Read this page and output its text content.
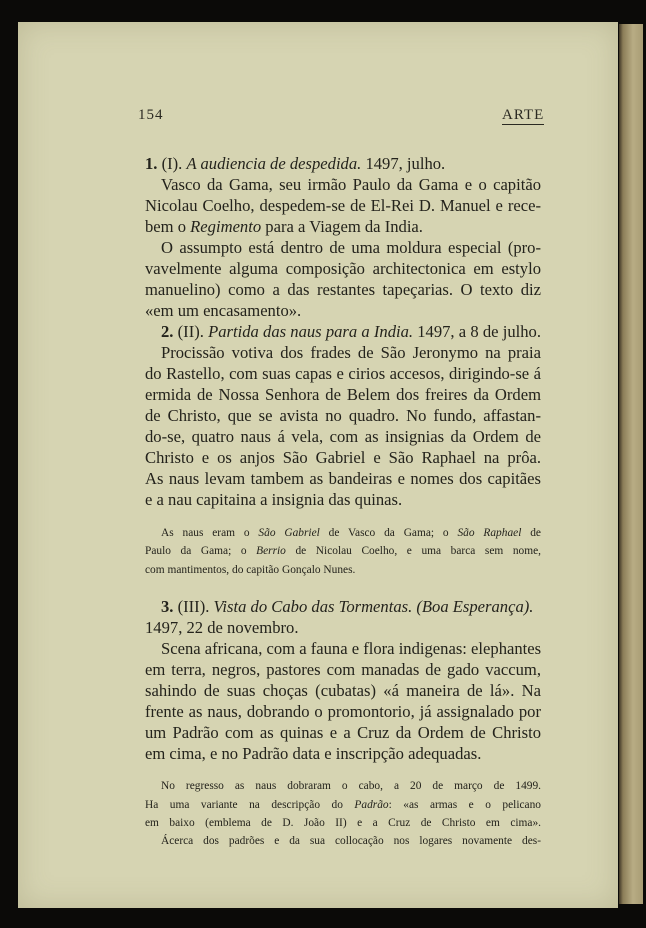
154	ARTE
1. (I). A audiencia de despedida. 1497, julho.
Vasco da Gama, seu irmão Paulo da Gama e o capitão
Nicolau Coelho, despedem-se de El-Rei D. Manuel e rece-
bem o Regimento para a Viagem da India.
O assumpto está dentro de uma moldura especial (pro-
vavelmente alguma composição architectonica em estylo
manuelino) como a das restantes tapeçarias. O texto diz
«em um encasamento».
2. (II). Partida das naus para a India. 1497, a 8 de julho.
Procissão votiva dos frades de São Jeronymo na praia
do Rastello, com suas capas e cirios accesos, dirigindo-se á
ermida de Nossa Senhora de Belem dos freires da Ordem
de Christo, que se avista no quadro. No fundo, affastan-
do-se, quatro naus á vela, com as insignias da Ordem de
Christo e os anjos São Gabriel e São Raphael na prôa.
As naus levam tambem as bandeiras e nomes dos capitães
e a nau capitaina a insignia das quinas.
As naus eram o São Gabriel de Vasco da Gama; o São Raphael de
Paulo da Gama; o Berrio de Nicolau Coelho, e uma barca sem nome,
com mantimentos, do capitão Gonçalo Nunes.
3. (III). Vista do Cabo das Tormentas. (Boa Esperança).
1497, 22 de novembro.
Scena africana, com a fauna e flora indigenas: elephantes
em terra, negros, pastores com manadas de gado vaccum,
sahindo de suas choças (cubatas) «á maneira de lá». Na
frente as naus, dobrando o promontorio, já assignalado por
um Padrão com as quinas e a Cruz da Ordem de Christo
em cima, e no Padrão data e inscripção adequadas.
No regresso as naus dobraram o cabo, a 20 de março de 1499.
Ha uma variante na descripção do Padrão: «as armas e o pelicano
em baixo (emblema de D. João II) e a Cruz de Christo em cima».
Ácerca dos padrões e da sua collocação nos logares novamente des-
